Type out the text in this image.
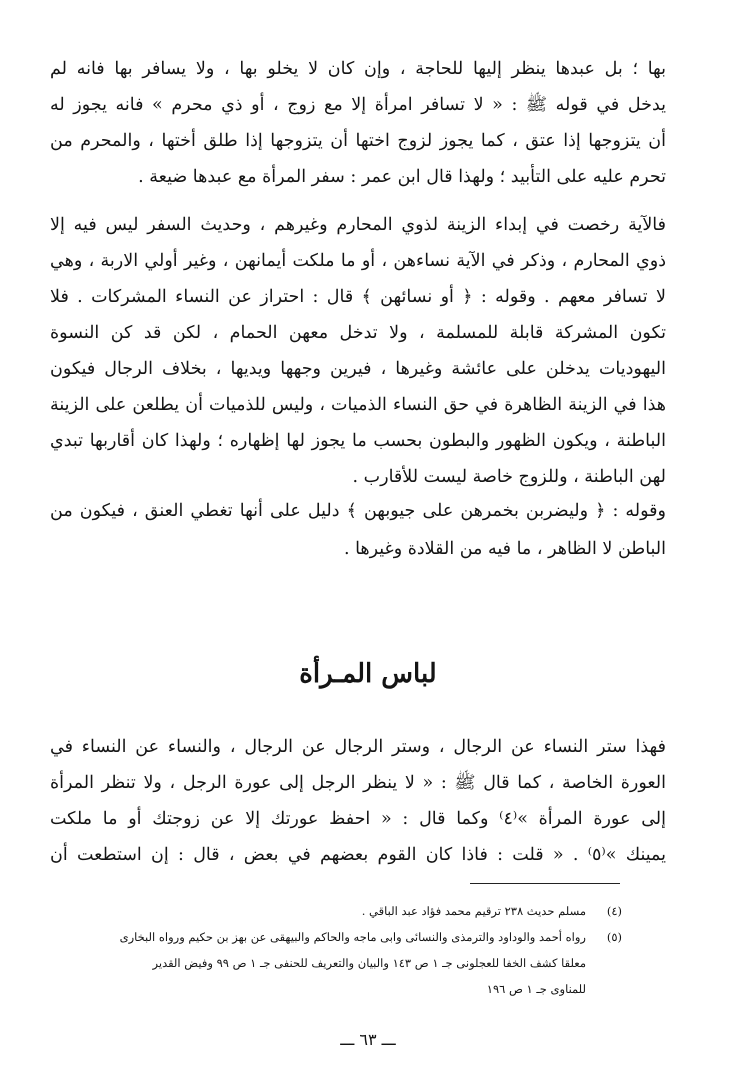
بها ؛ بل عبدها ينظر إليها للحاجة ، وإن كان لا يخلو بها ، ولا يسافر بها فانه لم
يدخل في قوله ﷺ : « لا تسافر امرأة إلا مع زوج ، أو ذي محرم » فانه يجوز له
أن يتزوجها إذا عتق ، كما يجوز لزوج اختها أن يتزوجها إذا طلق أختها ، والمحرم من
تحرم عليه على التأبيد ؛ ولهذا قال ابن عمر : سفر المرأة مع عبدها ضيعة .
فالآية رخصت في إبداء الزينة لذوي المحارم وغيرهم ، وحديث السفر ليس فيه إلا
ذوي المحارم ، وذكر في الآية نساءهن ، أو ما ملكت أيمانهن ، وغير أولي الاربة ، وهي
لا تسافر معهم . وقوله : ﴿ أو نسائهن ﴾ قال : احتراز عن النساء المشركات . فلا
تكون المشركة قابلة للمسلمة ، ولا تدخل معهن الحمام ، لكن قد كن النسوة
اليهوديات يدخلن على عائشة وغيرها ، فيرين وجهها ويديها ، بخلاف الرجال فيكون
هذا في الزينة الظاهرة في حق النساء الذميات ، وليس للذميات أن يطلعن على الزينة
الباطنة ، ويكون الظهور والبطون بحسب ما يجوز لها إظهاره ؛ ولهذا كان أقاربها تبدي
لهن الباطنة ، وللزوج خاصة ليست للأقارب .
وقوله : ﴿ وليضربن بخمرهن على جيوبهن ﴾ دليل على أنها تغطي العنق ، فيكون من
الباطن لا الظاهر ، ما فيه من القلادة وغيرها .
لباس المـرأة
فهذا ستر النساء عن الرجال ، وستر الرجال عن الرجال ، والنساء عن النساء في
العورة الخاصة ، كما قال ﷺ : « لا ينظر الرجل إلى عورة الرجل ، ولا تنظر المرأة
إلى عورة المرأة »⁽٤⁾ وكما قال : « احفظ عورتك إلا عن زوجتك أو ما ملكت
يمينك »⁽٥⁾ . « قلت : فاذا كان القوم بعضهم في بعض ، قال : إن استطعت أن
(٤)
مسلم حديث ٢٣٨ ترقيم محمد فؤاد عبد الباقي .
(٥)
رواه أحمد والوداود والترمذى والنسائى وابى ماجه والحاكم والبيهقى عن بهز بن حكيم ورواه البخارى
معلقا كشف الخفا للعجلونى جـ ١ ص ١٤٣ والبيان والتعريف للحنفى جـ ١ ص ٩٩ وفيض القدير
للمناوى جـ ١ ص ١٩٦
ـــ ٦٣ ـــ
